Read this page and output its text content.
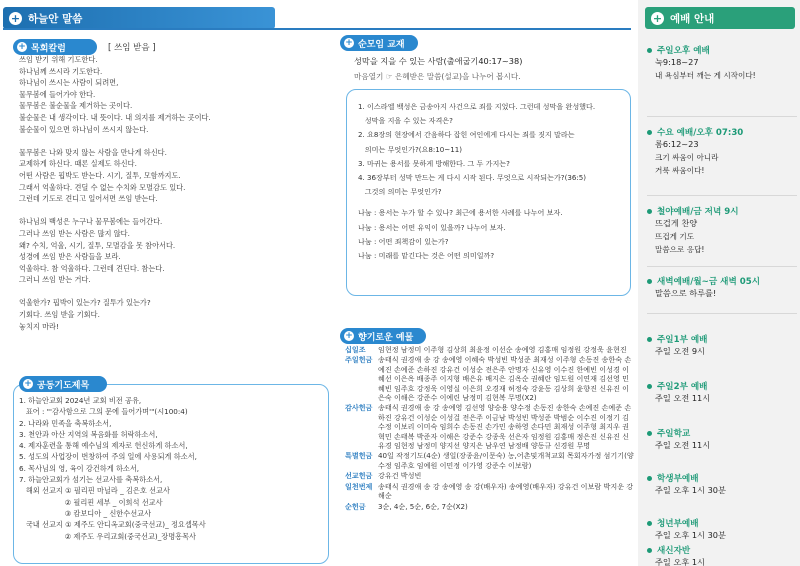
+ 하늘안 말씀
+ 목회칼럼	[ 쓰임 받음 ]

쓰임 받기 위해 기도한다.

하나님께 쓰시라 기도한다.

하나님이 쓰시는 사람이 되려면,

물무봄에 들어가야 한다.

물무봄은 불순물을 제거하는 곳이다.

불순물은 내 생각이다. 내 뜻이다. 내 의지를 제거하는 곳이다.

불순물이 있으면 하나님이 쓰시지 않는다.

물무봄은 나와 맞지 않는 사람을 만나게 하신다.

교제하게 하신다. 때론 실제도 하신다.

어떤 사람은 핍박도 받는다. 시기, 질투, 모함까지도.

그래서 억울하다. 견딜 수 없는 수치와 모멸감도 있다.

그런데 기도로 견디고 일어서면 쓰임 받는다.

하나님의 백성은 누구나 물무봄에는 들어간다.

그러나 쓰임 받는 사람은 많지 않다.

왜? 수치, 억울, 시기, 질투, 모멸감을 못 참아서다.

성경에 쓰임 받은 사람들을 보라.

억울하다. 참 억울하다. 그런데 견딘다. 참는다.

그러니 쓰임 받는 거다.

억울한가? 핍박이 있는가? 질투가 있는가?

기회다. 쓰임 받을 기회다.

놓치지 마라!

+ 공동기도제목

1. 하늘안교회 2024년 교회 비전 공유,

표어 : "'감사함으로 그의 문에 들어가며'"(시100:4)

2. 나라와 민족을 축복하소서,

3. 천안과 아산 지역의 복음화를 허락하소서,

4. 제자훈련을 통해 예수님의 제자로 헌신하게 하소서,

5. 성도의 사업장이 번창하여 주의 일에 사용되게 하소서,

6. 목사님의 영, 육이 강건하게 하소서,

7. 하늘안교회가 섬기는 선교사를 축복하소서,

해외 선교지 ① 필리핀 마닐라 _ 김은호 선교사

② 필리핀 세부 _ 이희석 선교사

③ 캄보디아 _ 신한수선교사

국내 선교지 ① 제주도 안디옥교회(중국선교)_ 정요셉목사

② 제주도 우리교회(중국선교)_장명흥목사

+ 순모임 교재
성막을 지을 수 있는 사람(출애굽기40:17~38)
마음열기 ☞ 은혜받은 말씀(설교)을 나누어 봅시다.

1. 이스라엘 백성은 금송아지 사건으로 죄를 지었다. 그런데 성막을 완성했다.

성막을 지을 수 있는 자격은?

2. 요8장의 현장에서 간음하다 잡힌 여인에게 다시는 죄를 짓지 말라는

의미는 무엇인가?(요8:10~11)

3. 마귀는 용서를 못하게 방해한다. 그 두 가지는?

4. 36장부터 성막 만드는 게 다시 시작 된다. 무엇으로 시작되는가?(36:5)

그것의 의미는 무엇인가?

나눔 : 용서는 누가 할 수 있나? 최근에 용서한 사례를 나누어 보자.

나눔 : 용서는 어떤 유익이 있을까? 나누어 보자.

나눔 : 어떤 죄책감이 있는가?

나눔 : 미래를 맡긴다는 것은 어떤 의미일까?

+ 향기로운 예물
십일조	임현정 남정미 이주형 김상희 최윤정 이선순 송예영 김홍매 임정원 강정욱 윤현진
주일헌금 송태식 권경애 송 강 송예영 이혜숙 박성빈 박성준 최재성 이주형 손동진 송한숙 손예진 손예준 손하진 강유건 이성순 전은주 안명자 신유영 이수진 한예빈 이성경 이혜선 이은옥 배종주 이지형 배은유 배지은 김옥순 권혜란 임도원 이연재 김선영 민혜빈 임주호 강정욱 이영실 이은희 오경재 허정숙 강윤동 김상희 윤향진 신유진 이은숙 이해은 강준수 이예린 남정미 김현복 무명(X2)
감사헌금 송태식 권경애 송 강 송예영 김선영 양승용 양수정 손동진 송한숙 손예진 손예준 손하진 강유건 이성순 이성걸 전은주 이금남 박성빈 박성준 박범순 이수진 이정기 김수정 이보리 이미숙 임희수 손동진 손가민 송하영 손다민 최재성 이주형 최지우 권혁민 손태복 박준자 이해은 강준수 강종욱 선은자 임정원 김홍매 정은진 신유진 신유경 임현정 남정미 양지선 양지은 남우연 남정배 양동규 신경원 무명
특별헌금 40일 작정기도(4순) 생일(장종윤/이문숙) 농,어촌및개척교회 목회자가정 섬기기(양수정 임주호 임예원 이민정 이가영 강준수 이보람)
선교헌금 강유건 박성빈
일천번제 송태식 권경애 송 강 송예영 송 강(배우자) 송예영(배우자) 강유건 이보람 박지운 강해순
순헌금	3순, 4순, 5순, 6순, 7순(X2)
+ 예배 안내
주일오후 예배
눅9:18~27
내 욕심부터 깨는 게 시작이다!
수요 예배/오후 07:30
롬6:12~23
크기 싸움이 아니라
거룩 싸움이다!
철야예배/금 저녁 9시
뜨겁게 찬양
뜨겁게 기도
말씀으로 응답!
새벽예배/월~금 새벽 05시
말씀으로 하루를!
주일1부 예배
주일 오전 9시
주일2부 예배
주일 오전 11시
주일학교
주일 오전 11시
학생부예배
주일 오후 1시 30분
청년부예배
주일 오후 1시 30분
새신자반
주일 오후 1시
